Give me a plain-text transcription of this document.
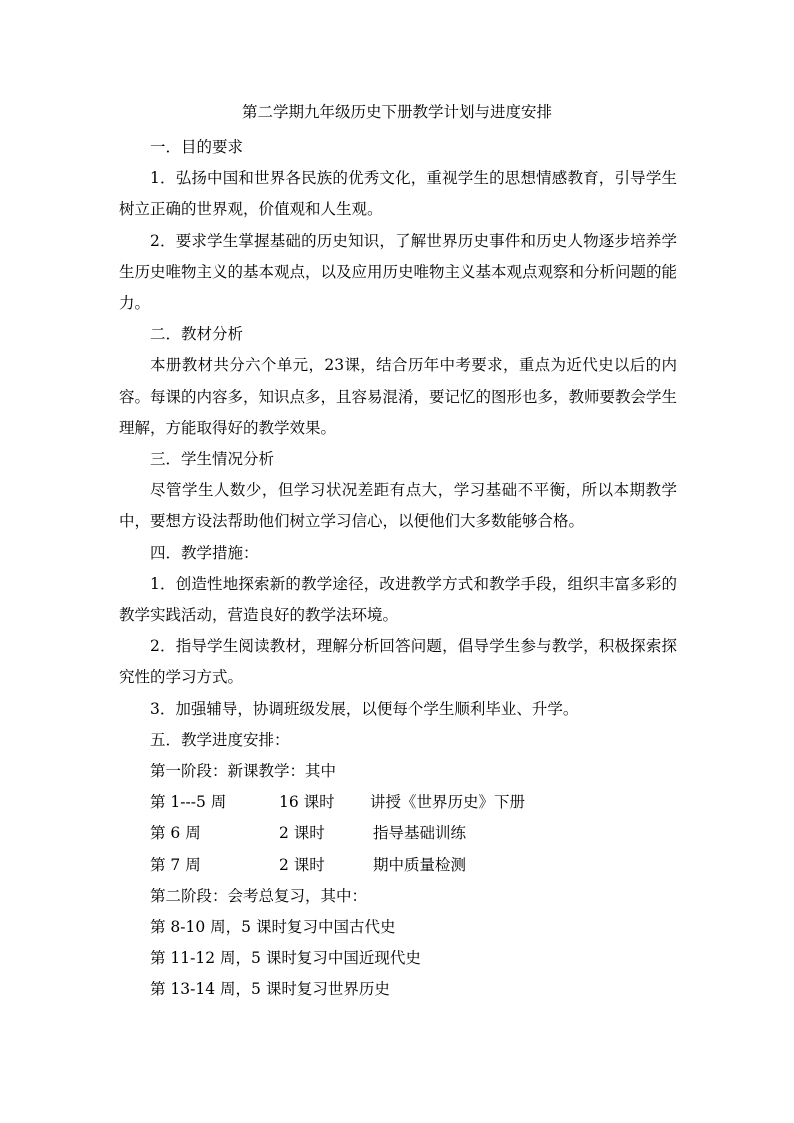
第二学期九年级历史下册教学计划与进度安排

一．目的要求

1．弘扬中国和世界各民族的优秀文化，重视学生的思想情感教育，引导学生树立正确的世界观，价值观和人生观。

2．要求学生掌握基础的历史知识，了解世界历史事件和历史人物逐步培养学生历史唯物主义的基本观点，以及应用历史唯物主义基本观点观察和分析问题的能力。

二．教材分析

本册教材共分六个单元，23课，结合历年中考要求，重点为近代史以后的内容。每课的内容多，知识点多，且容易混淆，要记忆的图形也多，教师要教会学生理解，方能取得好的教学效果。

三．学生情况分析

尽管学生人数少，但学习状况差距有点大，学习基础不平衡，所以本期教学中，要想方设法帮助他们树立学习信心，以便他们大多数能够合格。

四．教学措施：

1．创造性地探索新的教学途径，改进教学方式和教学手段，组织丰富多彩的教学实践活动，营造良好的教学法环境。

2．指导学生阅读教材，理解分析回答问题，倡导学生参与教学，积极探索探究性的学习方式。

3．加强辅导，协调班级发展，以便每个学生顺利毕业、升学。

五．教学进度安排：

第一阶段：新课教学：其中

第 1---5 周	16 课时 讲授《世界历史》下册
第 6 周	2 课时	指导基础训练
第 7 周	2 课时	期中质量检测

第二阶段：会考总复习，其中：

第 8-10 周，5 课时复习中国古代史

第 11-12 周，5 课时复习中国近现代史

第 13-14 周，5 课时复习世界历史
